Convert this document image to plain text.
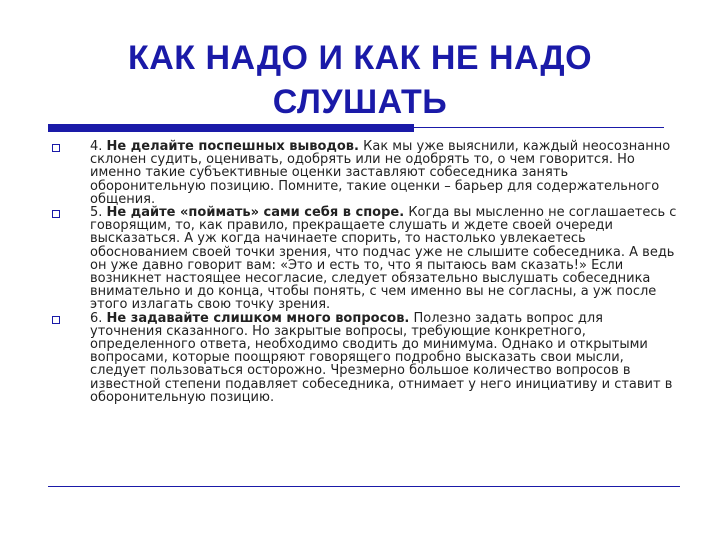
КАК НАДО И КАК НЕ НАДО
СЛУШАТЬ
4. Не делайте поспешных выводов. Как мы уже выяснили, каждый неосознанно склонен судить, оценивать, одобрять или не одобрять то, о чем говорится. Но именно такие субъективные оценки заставляют собеседника занять оборонительную позицию. Помните, такие оценки – барьер для содержательного общения.
5. Не дайте «поймать» сами себя в споре. Когда вы мысленно не соглашаетесь с говорящим, то, как правило, прекращаете слушать и ждете своей очереди высказаться. А уж когда начинаете спорить, то настолько увлекаетесь обоснованием своей точки зрения, что подчас уже не слышите собеседника. А ведь он уже давно говорит вам: «Это и есть то, что я пытаюсь вам сказать!» Если возникнет настоящее несогласие, следует обязательно выслушать собеседника внимательно и до конца, чтобы понять, с чем именно вы не согласны, а уж после этого излагать свою точку зрения.
6. Не задавайте слишком много вопросов. Полезно задать вопрос для уточнения сказанного. Но закрытые вопросы, требующие конкретного, определенного ответа, необходимо сводить до минимума. Однако и открытыми вопросами, которые поощряют говорящего подробно высказать свои мысли, следует пользоваться осторожно. Чрезмерно большое количество вопросов в известной степени подавляет собеседника, отнимает у него инициативу и ставит в оборонительную позицию.
